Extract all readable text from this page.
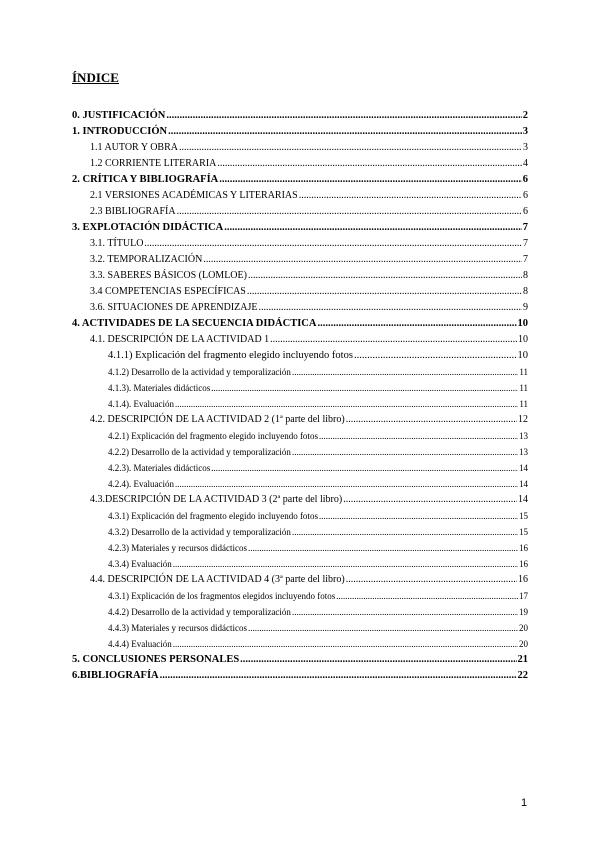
ÍNDICE
0. JUSTIFICACIÓN .....	2
1. INTRODUCCIÓN .....	3
1.1 AUTOR Y OBRA .....	3
1.2 CORRIENTE LITERARIA .....	4
2. CRÍTICA Y BIBLIOGRAFÍA .....	6
2.1 VERSIONES ACADÉMICAS Y LITERARIAS .....	6
2.3 BIBLIOGRAFÍA .....	6
3. EXPLOTACIÓN DIDÁCTICA .....	7
3.1. TÍTULO .....	7
3.2. TEMPORALIZACIÓN .....	7
3.3. SABERES BÁSICOS (LOMLOE) .....	8
3.4 COMPETENCIAS ESPECÍFICAS .....	8
3.6. SITUACIONES DE APRENDIZAJE .....	9
4. ACTIVIDADES DE LA SECUENCIA DIDÁCTICA .....	10
4.1. DESCRIPCIÓN DE LA ACTIVIDAD 1 .....	10
4.1.1) Explicación del fragmento elegido incluyendo fotos .....	10
4.1.2) Desarrollo de la actividad y temporalización .....	11
4.1.3). Materiales didácticos .....	11
4.1.4). Evaluación .....	11
4.2. DESCRIPCIÓN DE LA ACTIVIDAD 2 (1ª parte del libro) .....	12
4.2.1) Explicación del fragmento elegido incluyendo fotos .....	13
4.2.2) Desarrollo de la actividad y temporalización .....	13
4.2.3). Materiales didácticos .....	14
4.2.4). Evaluación .....	14
4.3.DESCRIPCIÓN DE LA ACTIVIDAD 3 (2ª parte del libro) .....	14
4.3.1) Explicación del fragmento elegido incluyendo fotos .....	15
4.3.2) Desarrollo de la actividad y temporalización .....	15
4.2.3) Materiales y recursos didácticos .....	16
4.3.4) Evaluación .....	16
4.4. DESCRIPCIÓN DE LA ACTIVIDAD 4 (3ª parte del libro) .....	16
4.3.1) Explicación de los fragmentos elegidos incluyendo fotos .....	17
4.4.2) Desarrollo de la actividad y temporalización .....	19
4.4.3) Materiales y recursos didácticos .....	20
4.4.4) Evaluación .....	20
5. CONCLUSIONES PERSONALES .....	21
6.BIBLIOGRAFÍA .....	22
1
